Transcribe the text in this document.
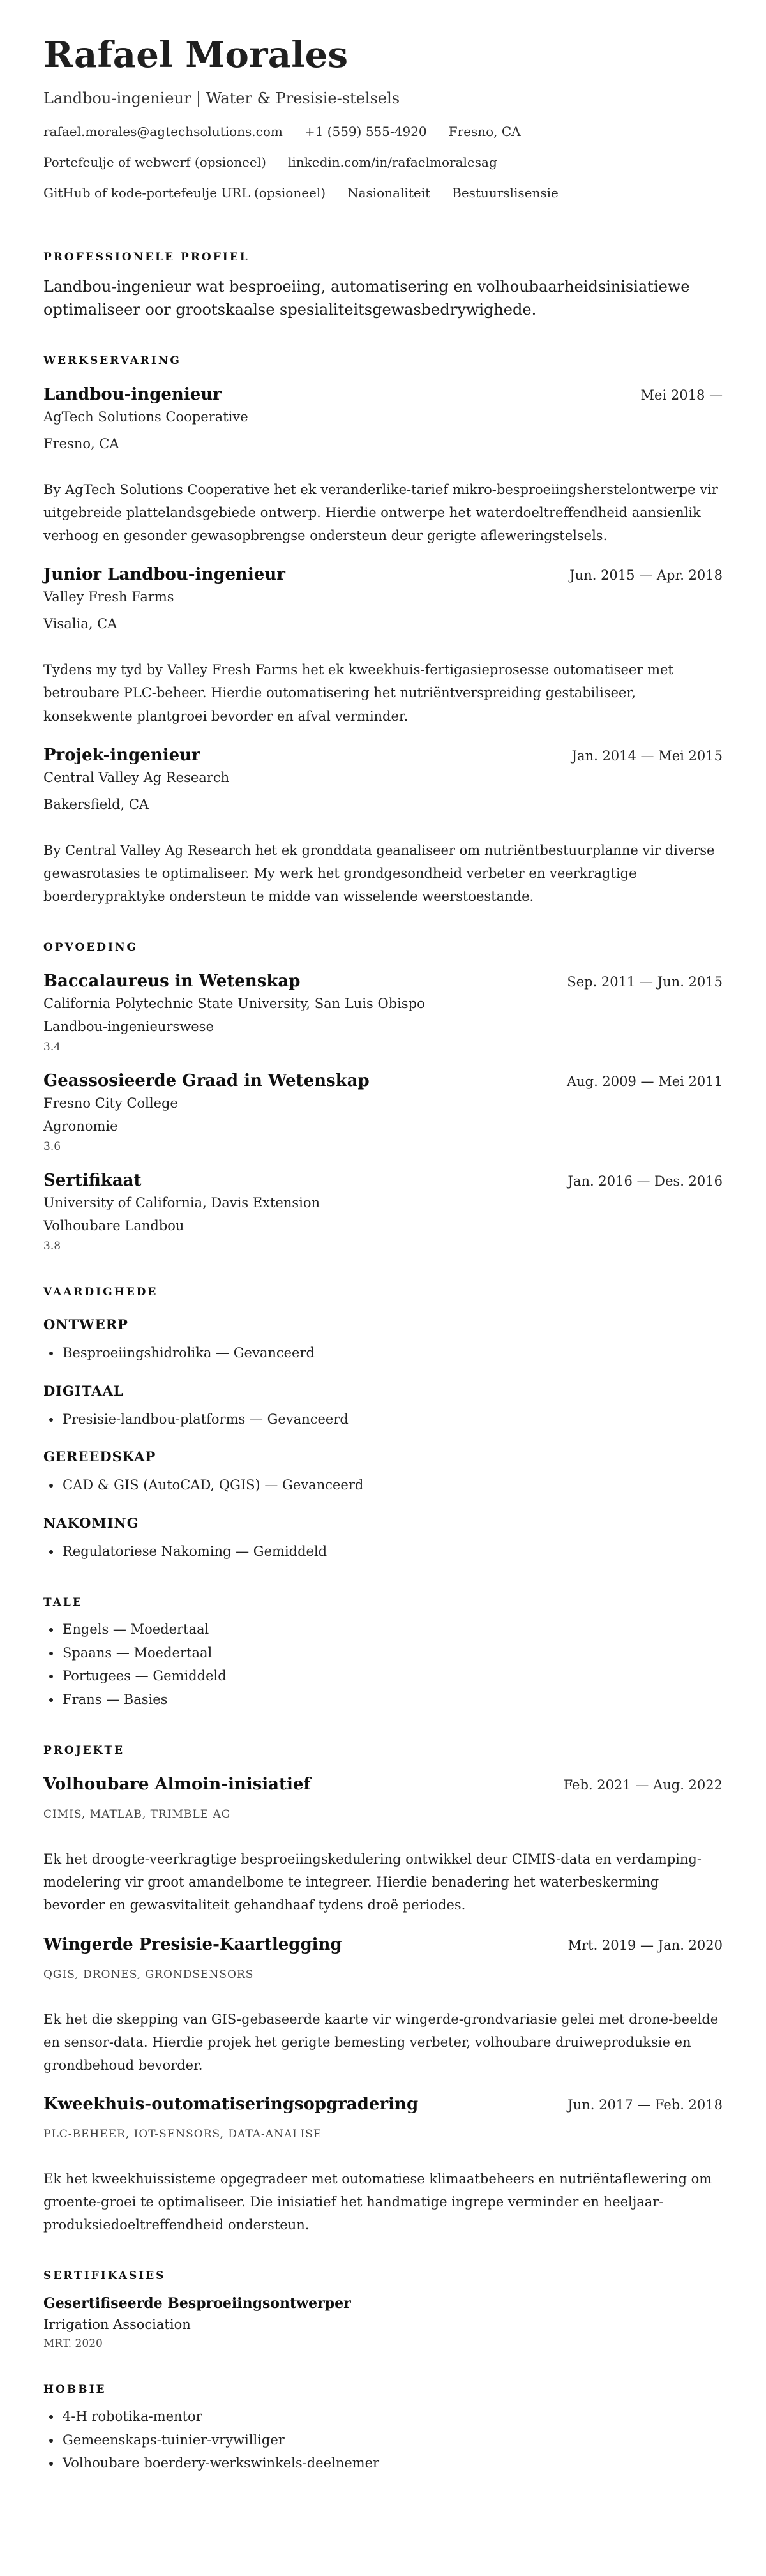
Rafael Morales
Landbou-ingenieur | Water & Presisie-stelsels
rafael.morales@agtechsolutions.com +1 (559) 555-4920 Fresno, CA
Portefeulje of webwerf (opsioneel) linkedin.com/in/rafaelmoralesag
GitHub of kode-portefeulje URL (opsioneel) Nasionaliteit Bestuurslisensie
PROFESSIONELE PROFIEL
Landbou-ingenieur wat besproeiing, automatisering en volhoubaarheidsinisiatiewe optimaliseer oor grootskaalse spesialiteitsgewasbedrywighede.
WERKSERVARING
Landbou-ingenieur	Mei 2018 —
AgTech Solutions Cooperative
Fresno, CA
By AgTech Solutions Cooperative het ek veranderlike-tarief mikro-besproeiingsherstelontwerpe vir uitgebreide plattelandsgebiede ontwerp. Hierdie ontwerpe het waterdoeltreffendheid aansienlik verhoog en gesonder gewasopbrengse ondersteun deur gerigte afleweringstelsels.
Junior Landbou-ingenieur	Jun. 2015 — Apr. 2018
Valley Fresh Farms
Visalia, CA
Tydens my tyd by Valley Fresh Farms het ek kweekhuis-fertigasieprosesse outomatiseer met betroubare PLC-beheer. Hierdie outomatisering het nutriëntverspreiding gestabiliseer, konsekwente plantgroei bevorder en afval verminder.
Projek-ingenieur	Jan. 2014 — Mei 2015
Central Valley Ag Research
Bakersfield, CA
By Central Valley Ag Research het ek gronddata geanaliseer om nutriëntbestuurplanne vir diverse gewasrotasies te optimaliseer. My werk het grondgesondheid verbeter en veerkragtige boerderypraktyke ondersteun te midde van wisselende weerstoestande.
OPVOEDING
Baccalaureus in Wetenskap	Sep. 2011 — Jun. 2015
California Polytechnic State University, San Luis Obispo
Landbou-ingenieurswese
3.4
Geassosieerde Graad in Wetenskap	Aug. 2009 — Mei 2011
Fresno City College
Agronomie
3.6
Sertifikaat	Jan. 2016 — Des. 2016
University of California, Davis Extension
Volhoubare Landbou
3.8
VAARDIGHEDE
ONTWERP
• Besproeiingshidrolika — Gevanceerd
DIGITAAL
• Presisie-landbou-platforms — Gevanceerd
GEREEDSKAP
• CAD & GIS (AutoCAD, QGIS) — Gevanceerd
NAKOMING
• Regulatoriese Nakoming — Gemiddeld
TALE
• Engels — Moedertaal
• Spaans — Moedertaal
• Portugees — Gemiddeld
• Frans — Basies
PROJEKTE
Volhoubare Almoin-inisiatief	Feb. 2021 — Aug. 2022
CIMIS, MATLAB, TRIMBLE AG
Ek het droogte-veerkragtige besproeiingskedulering ontwikkel deur CIMIS-data en verdamping-modelering vir groot amandelbome te integreer. Hierdie benadering het waterbeskerming bevorder en gewasvitaliteit gehandhaaf tydens droë periodes.
Wingerde Presisie-Kaartlegging	Mrt. 2019 — Jan. 2020
QGIS, DRONES, GRONDSENSORS
Ek het die skepping van GIS-gebaseerde kaarte vir wingerde-grondvariasie gelei met drone-beelde en sensor-data. Hierdie projek het gerigte bemesting verbeter, volhoubare druiweproduksie en grondbehoud bevorder.
Kweekhuis-outomatiseringsopgradering	Jun. 2017 — Feb. 2018
PLC-BEHEER, IOT-SENSORS, DATA-ANALISE
Ek het kweekhuissisteme opgegradeer met outomatiese klimaatbeheers en nutriëntaflewering om groente-groei te optimaliseer. Die inisiatief het handmatige ingrepe verminder en heeljaar-produksiedoeltreffendheid ondersteun.
SERTIFIKASIES
Gesertifiseerde Besproeiingsontwerper
Irrigation Association
MRT. 2020
HOBBIE
• 4-H robotika-mentor
• Gemeenskaps-tuinier-vrywilliger
• Volhoubare boerdery-werkswinkels-deelnemer
